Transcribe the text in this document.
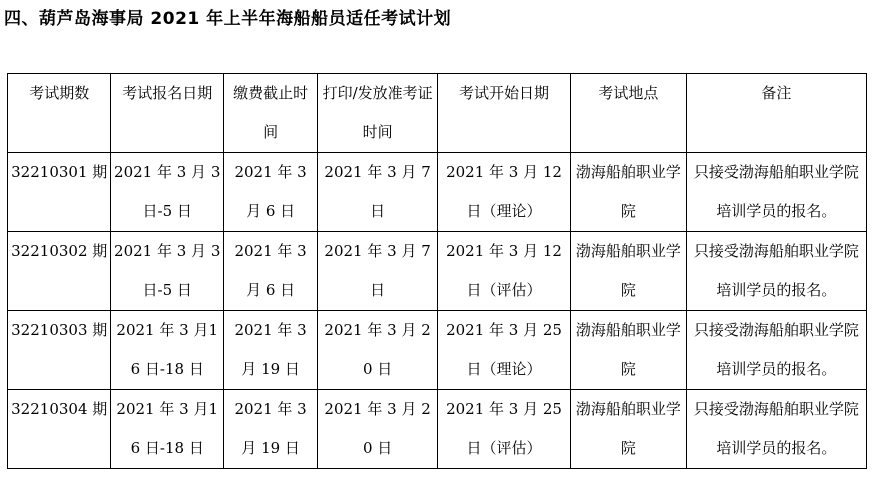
四、葫芦岛海事局 2021 年上半年海船船员适任考试计划
考试期数	考试报名日期	缴费截止时间	打印/发放准考证时间	考试开始日期	考试地点	备注
32210301 期	2021 年 3 月 3 日-5 日	2021 年 3 月 6 日	2021 年 3 月 7 日	2021 年 3 月 12 日（理论）	渤海船舶职业学院	只接受渤海船舶职业学院培训学员的报名。
32210302 期	2021 年 3 月 3 日-5 日	2021 年 3 月 6 日	2021 年 3 月 7 日	2021 年 3 月 12 日（评估）	渤海船舶职业学院	只接受渤海船舶职业学院培训学员的报名。
32210303 期	2021 年 3 月16 日-18 日	2021 年 3 月 19 日	2021 年 3 月 20 日	2021 年 3 月 25 日（理论）	渤海船舶职业学院	只接受渤海船舶职业学院培训学员的报名。
32210304 期	2021 年 3 月16 日-18 日	2021 年 3 月 19 日	2021 年 3 月 20 日	2021 年 3 月 25 日（评估）	渤海船舶职业学院	只接受渤海船舶职业学院培训学员的报名。
